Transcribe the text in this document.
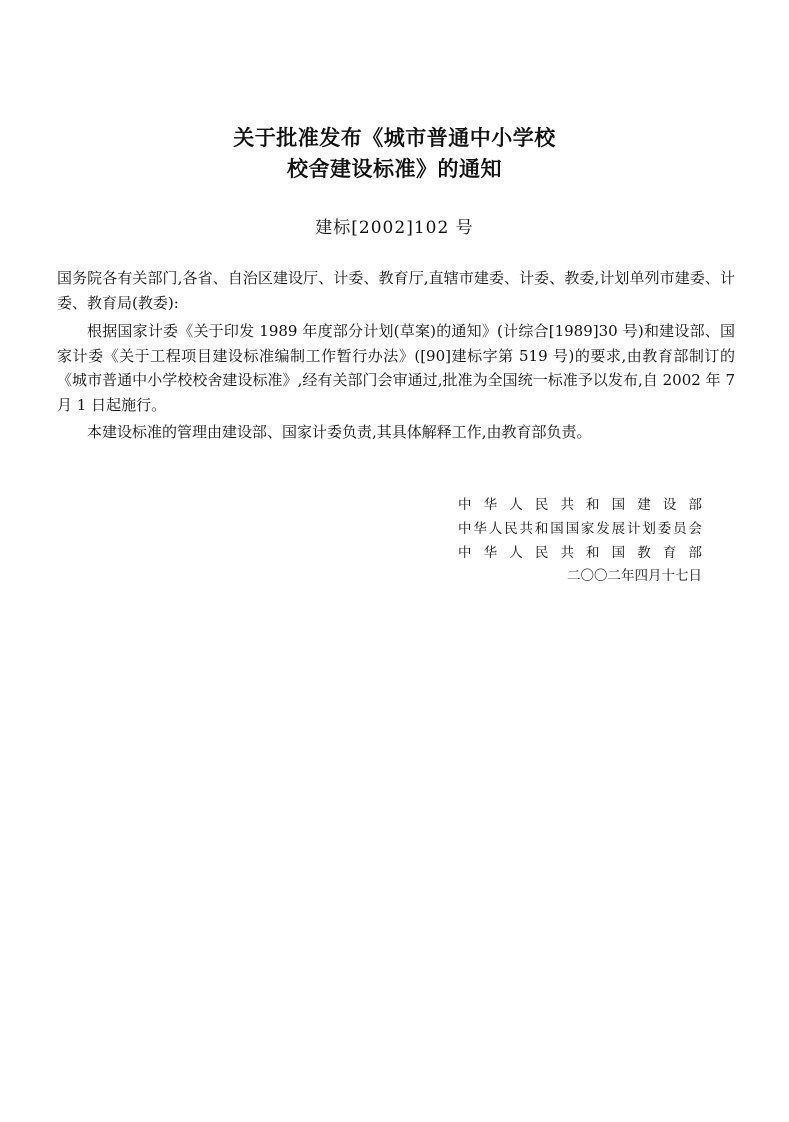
关于批准发布《城市普通中小学校
校舍建设标准》的通知
建标[2002]102 号
国务院各有关部门,各省、自治区建设厅、计委、教育厅,直辖市建委、计委、教委,计划单列市建委、计委、教育局(教委):
根据国家计委《关于印发 1989 年度部分计划(草案)的通知》(计综合[1989]30 号)和建设部、国家计委《关于工程项目建设标准编制工作暂行办法》([90]建标字第 519 号)的要求,由教育部制订的《城市普通中小学校校舍建设标准》,经有关部门会审通过,批准为全国统一标准予以发布,自 2002 年 7 月 1 日起施行。
本建设标准的管理由建设部、国家计委负责,其具体解释工作,由教育部负责。
中华人民共和国建设部
中华人民共和国国家发展计划委员会
中华人民共和国教育部
二〇〇二年四月十七日
